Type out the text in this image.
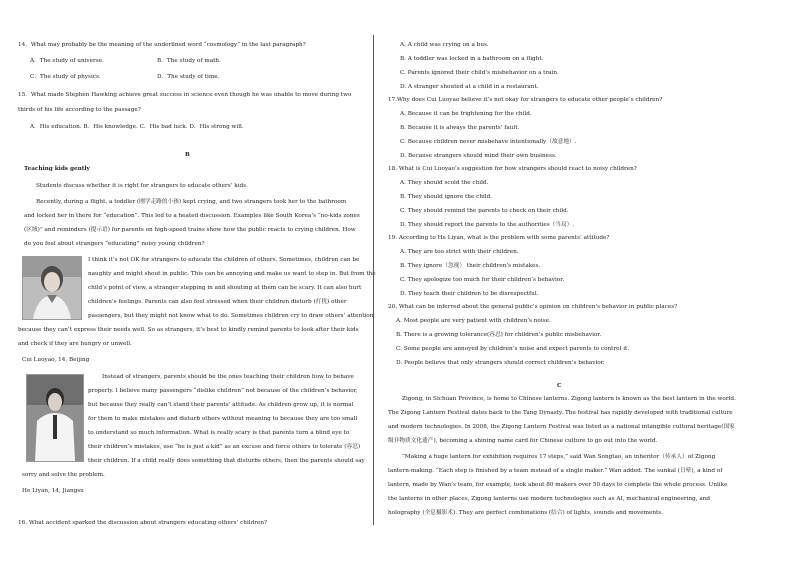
14．What may probably be the meaning of the underlined word “cosmology” in the last paragraph?
A．The study of universe.	B．The study of math.
C．The study of physics.	D．The study of time.
15．What made Stephen Hawking achieve great success in science even though he was unable to move during two
thirds of his life according to the passage?
A．His education. B．His knowledge. C．His bad luck. D．His strong will.
B
Teaching kids gently
Students discuss whether it is right for strangers to educate others’ kids.
Recently, during a flight, a toddler (刚学走路的小孩) kept crying, and two strangers took her to the bathroom
and locked her in there for “education”. This led to a heated discussion. Examples like South Korea’s “no-kids zones
(区域)” and reminders (提示语) for parents on high-speed trains show how the public reacts to crying children. How
do you feel about strangers “educating” noisy young children?
I think it’s not OK for strangers to educate the children of others. Sometimes, children can be
naughty and might shout in public. This can be annoying and make us want to step in. But from the
child’s point of view, a stranger stepping in and shouting at them can be scary. It can also hurt
children’s feelings. Parents can also feel stressed when their children disturb (打扰) other
passengers, but they might not know what to do. Sometimes children cry to draw others’ attention
because they can’t express their needs well. So as strangers, it’s best to kindly remind parents to look after their kids
and check if they are hungry or unwell.
Cui Luoyao, 14, Beijing
Instead of strangers, parents should be the ones teaching their children how to behave
properly. I believe many passengers “dislike children” not because of the children’s behavior,
but because they really can’t stand their parents’ attitude. As children grow up, it is normal
for them to make mistakes and disturb others without meaning to because they are too small
to understand so much information. What is really scary is that parents turn a blind eye to
their children’s mistakes, use “he is just a kid” as an excuse and force others to tolerate (容忍)
their children. If a child really does something that disturbs others, then the parents should say
sorry and solve the problem.
He Liyan, 14, Jiangsu
16. What accident sparked the discussion about strangers educating others’ children?
A. A child was crying on a bus.
B. A toddler was locked in a bathroom on a flight.
C. Parents ignored their child’s misbehavior on a train.
D. A stranger shouted at a child in a restaurant.
17.Why does Cui Luoyao believe it’s not okay for strangers to educate other people’s children?
A. Because it can be frightening for the child.
B. Because it is always the parents’ fault.
C. Because children never misbehave intentionally（故意地）.
D. Because strangers should mind their own business.
18. What is Cui Luoyao’s suggestion for how strangers should react to noisy children?
A. They should scold the child.
B. They should ignore the child.
C. They should remind the parents to check on their child.
D. They should report the parents to the authorities（当局）.
19. According to He Liyan, what is the problem with some parents’ attitude?
A. They are too strict with their children.
B. They ignore（忽视） their children’s mistakes.
C. They apologize too much for their children’s behavior.
D. They teach their children to be disrespectful.
20. What can be inferred about the general public’s opinion on children’s behavior in public places?
A. Most people are very patient with children’s noise.
B. There is a growing tolerance(容忍) for children’s public misbehavior.
C. Some people are annoyed by children’s noise and expect parents to control it.
D. People believe that only strangers should correct children’s behavior.
C
Zigong, in Sichuan Province, is home to Chinese lanterns. Zigong lantern is known as the best lantern in the world.
The Zigong Lantern Festival dates back to the Tang Dynasty. The festival has rapidly developed with traditional culture
and modern technologies. In 2008, the Zigong Lantern Festival was listed as a national intangible cultural heritage(国家
级非物质文化遗产), becoming a shining name card for Chinese culture to go out into the world.
“Making a huge lantern for exhibition requires 17 steps,” said Wan Songtao, an inheritor（传承人）of Zigong
lantern-making. “Each step is finished by a team instead of a single maker.” Wan added. The sunkal (日晕), a kind of
lantern, made by Wan’s team, for example, took about 80 makers over 50 days to complete the whole process. Unlike
the lanterns in other places, Zigong lanterns use modern technologies such as AI, mechanical engineering, and
holography (全息摄影术). They are perfect combinations (结合) of lights, sounds and movements.
